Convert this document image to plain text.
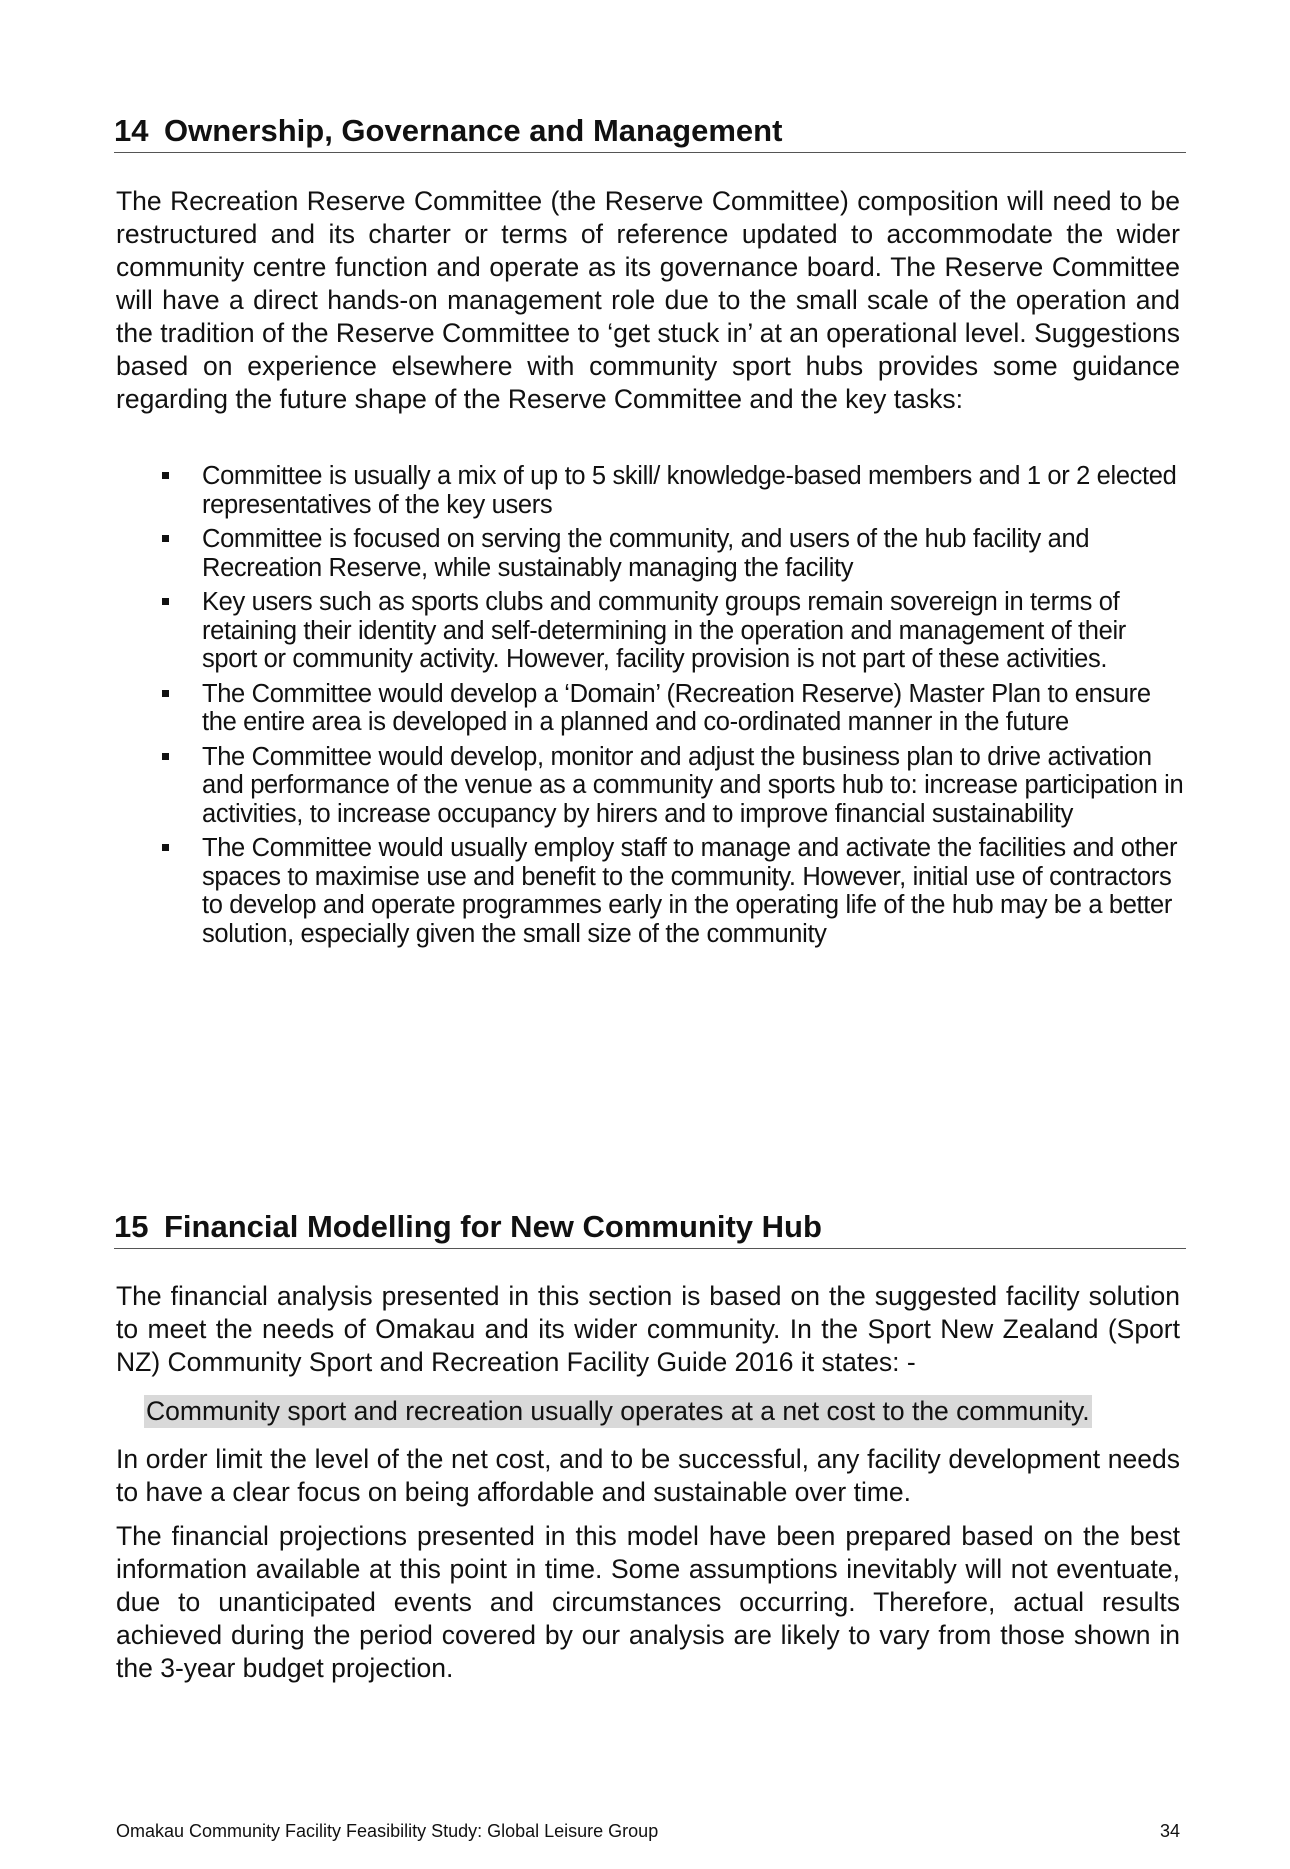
14 Ownership, Governance and Management

The Recreation Reserve Committee (the Reserve Committee) composition will need to be restructured and its charter or terms of reference updated to accommodate the wider community centre function and operate as its governance board. The Reserve Committee will have a direct hands-on management role due to the small scale of the operation and the tradition of the Reserve Committee to ‘get stuck in’ at an operational level. Suggestions based on experience elsewhere with community sport hubs provides some guidance regarding the future shape of the Reserve Committee and the key tasks:

Committee is usually a mix of up to 5 skill/ knowledge-based members and 1 or 2 elected representatives of the key users
Committee is focused on serving the community, and users of the hub facility and Recreation Reserve, while sustainably managing the facility
Key users such as sports clubs and community groups remain sovereign in terms of retaining their identity and self-determining in the operation and management of their sport or community activity. However, facility provision is not part of these activities.
The Committee would develop a ‘Domain’ (Recreation Reserve) Master Plan to ensure the entire area is developed in a planned and co-ordinated manner in the future
The Committee would develop, monitor and adjust the business plan to drive activation and performance of the venue as a community and sports hub to: increase participation in activities, to increase occupancy by hirers and to improve financial sustainability
The Committee would usually employ staff to manage and activate the facilities and other spaces to maximise use and benefit to the community. However, initial use of contractors to develop and operate programmes early in the operating life of the hub may be a better solution, especially given the small size of the community
15 Financial Modelling for New Community Hub

The financial analysis presented in this section is based on the suggested facility solution to meet the needs of Omakau and its wider community. In the Sport New Zealand (Sport NZ) Community Sport and Recreation Facility Guide 2016 it states: -

Community sport and recreation usually operates at a net cost to the community.

In order limit the level of the net cost, and to be successful, any facility development needs to have a clear focus on being affordable and sustainable over time.

The financial projections presented in this model have been prepared based on the best information available at this point in time. Some assumptions inevitably will not eventuate, due to unanticipated events and circumstances occurring. Therefore, actual results achieved during the period covered by our analysis are likely to vary from those shown in the 3-year budget projection.

Omakau Community Facility Feasibility Study: Global Leisure Group	34
